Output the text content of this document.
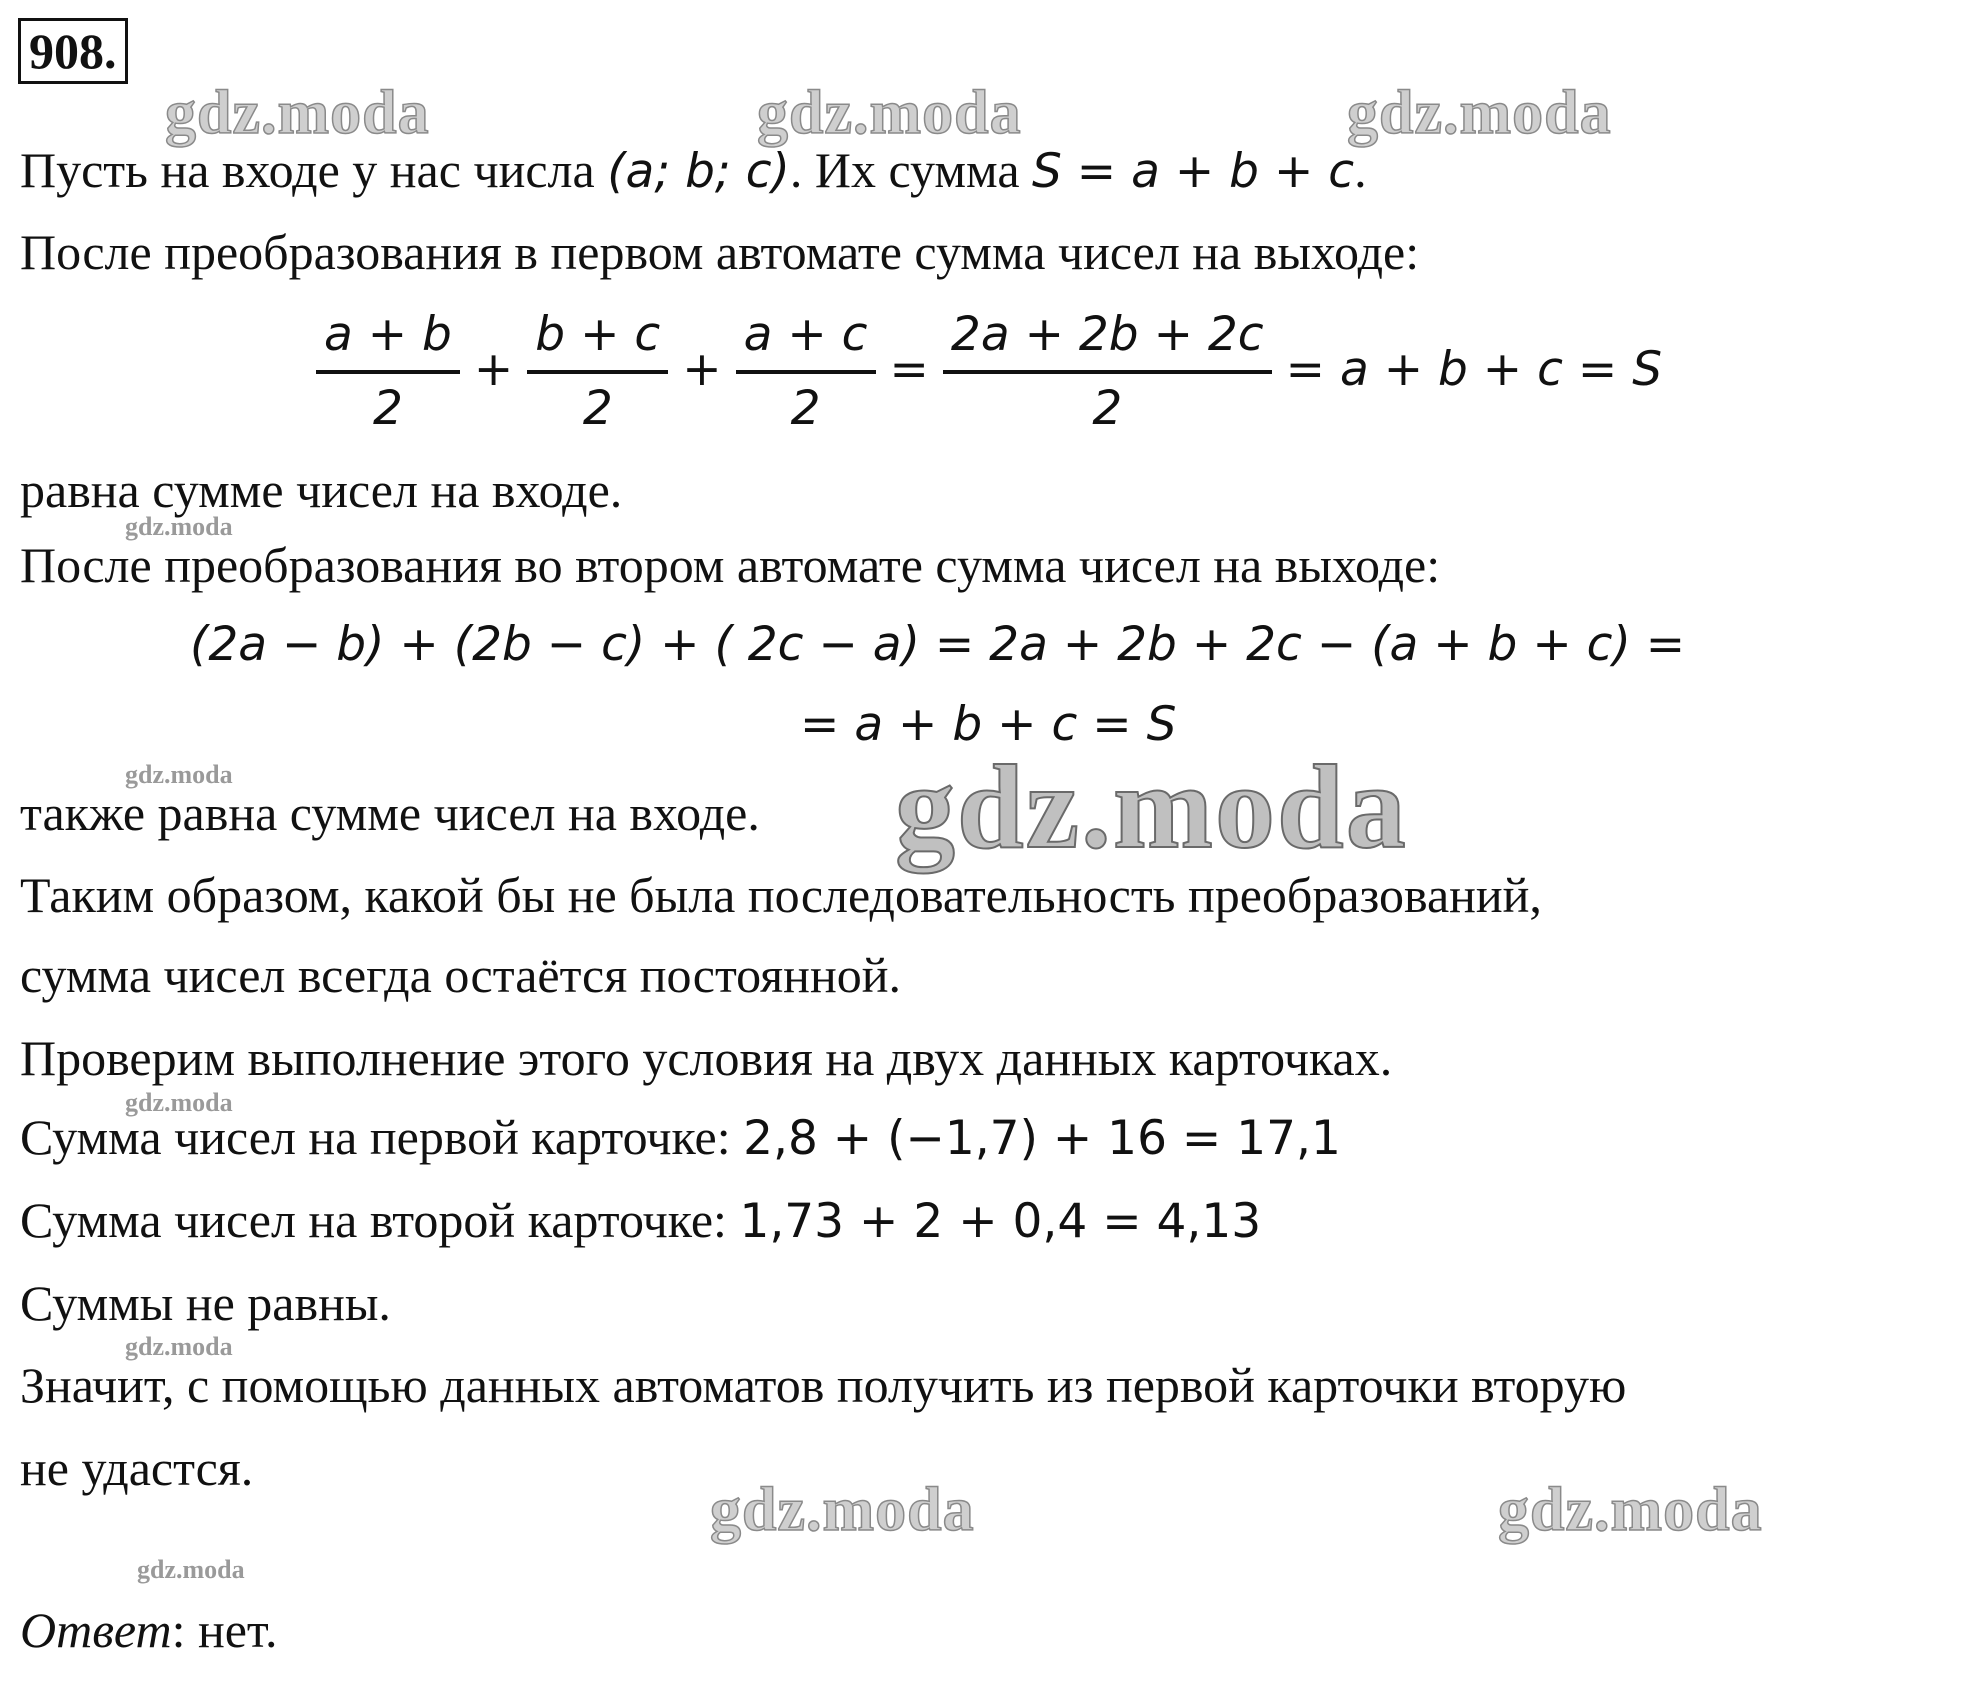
908.
gdz.moda	gdz.moda	gdz.moda
gdz.moda
gdz.moda
gdz.moda
gdz.moda
gdz.moda
gdz.moda	gdz.moda
Пусть на входе у нас числа (a; b; c). Их сумма S = a + b + c.
После преобразования в первом автомате сумма чисел на выходе:
$\frac{a + b}{2} + \frac{b + c}{2} + \frac{a + c}{2} = \frac{2a + 2b + 2c}{2} = a + b + c = S$
равна сумме чисел на входе.
После преобразования во втором автомате сумма чисел на выходе:
(2a − b) + (2b − c) + ( 2c − a) = 2a + 2b + 2c − (a + b + c) =
= a + b + c = S
также равна сумме чисел на входе. gdz.moda
Таким образом, какой бы не была последовательность преобразований,
сумма чисел всегда остаётся постоянной.
Проверим выполнение этого условия на двух данных карточках.
Сумма чисел на первой карточке: 2,8 + (−1,7) + 16 = 17,1
Сумма чисел на второй карточке: 1,73 + 2 + 0,4 = 4,13
Суммы не равны.
Значит, с помощью данных автоматов получить из первой карточки вторую
не удастся.
Ответ: нет.
